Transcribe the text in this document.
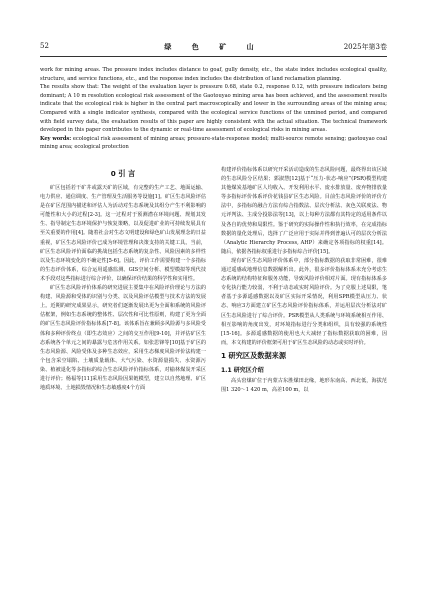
52	绿 色 矿 山	2025年第3卷
work for mining areas. The pressure index includes distance to goaf, gully density, etc., the state index includes ecological quality, structure, and service functions, etc., and the response index includes the distribution of land reclamation planning.
The results show that: The weight of the evaluation layer is pressure 0.68, state 0.2, response 0.12, with pressure indicators being dominant; A 10 m resolution ecological risk assessment of the Gaotouyao mining area has been achieved, and the assessment results indicate that the ecological risk is higher in the central part macroscopically and lower in the surrounding areas of the mining area; Compared with a single indicator synthesis, compared with the ecological service functions of the unmined period, and compared with field survey data, the evaluation results of this paper are highly consistent with the actual situation. The technical framework developed in this paper contributes to the dynamic or real-time assessment of ecological risks in mining areas.
Key words: ecological risk assessment of mining areas; pressure-state-response model; multi-source remote sensing; gaotouyao coal mining area; ecological protection
0 引 言

矿区包括若干矿井或露天矿的区域，有完整的生产工艺、地面运输、电力供应、通信调度、生产管理及生活服务等设施[1]。矿区生态风险评估是在矿区范围内描述和评估人为活动对生态系统及其组分产生不利影响的可能性和大小的过程[2-3]。这一过程对于预测潜在环境问题、规划其发生、指导制定生态环境保护与恢复策略，以及促进矿业的可持续发展具有至关重要的作用[4]。随着社会对生态文明建设和绿色矿山发展理念的日益重视，矿区生态风险评价已成为环境管理和决策支持的关键工具。当前，矿区生态风险评价面临的挑战包括生态系统的复杂性、风险因素的多样性以及生态环境变化的不确定性[5-6]。因此，评价工作需要构建一个多指标的生态评价体系，综合运用遥感监测、GIS空间分析、模型模拟等现代技术手段对这些指标进行综合评价，以确保评价结果的科学性和实用性。

矿区生态风险评价体系的研究进展主要集中在风险评价理论与方法的构建、风险源和受体的识别与分类、以及风险评估模型与技术方法的发展上。近期的研究成果显示，研究者们逐渐发展出更为全面和系统的风险评估框架，例如生态系统的整体性、层次性和可比性原则，构建了更为全面的矿区生态风险评价指标体系[7-8]。该体系旨在兼顾多风险源与多风险受体和多种评价终点（即生态效应）之间的交互作用[9-10]，并评估矿区生态系统各个单元之间的暴露与危害作用关系。如张思锋等[10]基于矿区的生态风险源、风险受体及多种生态效应，采用生态梯度风险评价法构建一个包含采空塌陷、土壤质量载体、大气污染、水资源量损失、水资源污染、植被退化等多指标的综合生态风险评价指标体系，对榆林煤炭开采区进行评价；杨福等[11]采用生态风险因果链模型，建立以自然地理、矿区地质环境、土地损毁情况和生态敏感度4个方面

构建评价指标体系以研究开采活动造成的生态风险问题，最终得出该区域的生态风险分区结果；郭淑慧[12]基于“压力-状态-响应”(PSR)模型构建其他煤炭基地矿区人均收入、开发利用水平、废水排放量、废弃物排放量等多指标评价体系评价花钱县矿区生态风险。目前生态风险评价的评价方法中，多指标的融合方法有综合指数法、层次分析法、灰色关联度法、物元评判法、主成分投影法等[13]，以上每种方法都有其特定的适用条件以及各自的优势和局限性。鉴于研究的实际操作性和执行效率，在完成指标数据的量化处理后，选择了广泛应用于实际并得到普遍认可的层次分析法（Analytic Hierarchy Process, AHP）来确定各项指标的权重[14]。随后，依据各指标权重进行多指标综合评价[15]。

现有矿区生态风险评价体系中，部分指标数据的获取非常困难，很难通过遥感或地理信息数据解析出。此外，很多评价指标体系未充分考虑生态系统的结构特征和服务功能，导致风险评价相对片面。现有指标体系多专化执行能力较弱，不利于动态或实时风险评价。为了克服上述局限，笔者基于多源遥感数据以及矿区实际开采情况，利用SPR模型从压力、状态、响应3方面建立矿区生态风险评价指标体系，并运用层次分析法对矿区生态风险进行了综合评价。PSR模型从人类系统与环境系统相互作用、相互影响的角度出发，对环境指标进行分类和组织，具有较强的系统性[15-16]。多源遥感数据的使用也大大减轻了指标数据获取的困难，因而，本文构建的评价框架可用于矿区生态风险的动态或实时评价。

1 研究区及数据来源
1.1 研究区介绍

高头窑煤矿位于内蒙古东胜煤田北缘，地形东南高、西北低，海拔范围1 320～1 420 m，高差100 m，以
